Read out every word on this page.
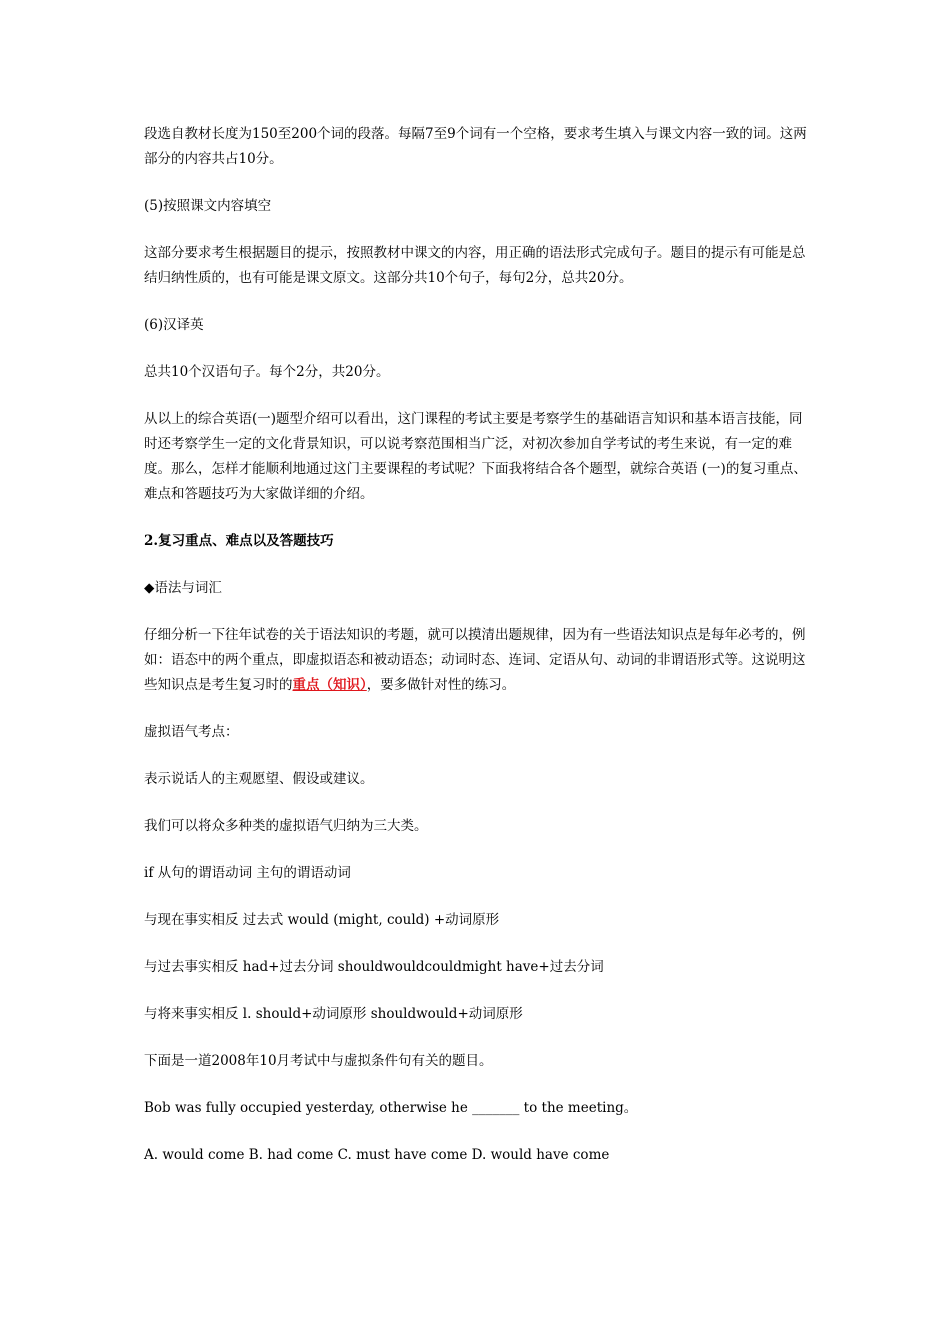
段选自教材长度为150至200个词的段落。每隔7至9个词有一个空格，要求考生填入与课文内容一致的词。这两部分的内容共占10分。

(5)按照课文内容填空

这部分要求考生根据题目的提示，按照教材中课文的内容，用正确的语法形式完成句子。题目的提示有可能是总结归纳性质的，也有可能是课文原文。这部分共10个句子，每句2分，总共20分。

(6)汉译英

总共10个汉语句子。每个2分，共20分。

从以上的综合英语(一)题型介绍可以看出，这门课程的考试主要是考察学生的基础语言知识和基本语言技能，同时还考察学生一定的文化背景知识，可以说考察范围相当广泛，对初次参加自学考试的考生来说，有一定的难度。那么，怎样才能顺利地通过这门主要课程的考试呢？下面我将结合各个题型，就综合英语 (一)的复习重点、难点和答题技巧为大家做详细的介绍。

2.复习重点、难点以及答题技巧

◆语法与词汇

仔细分析一下往年试卷的关于语法知识的考题，就可以摸清出题规律，因为有一些语法知识点是每年必考的，例如：语态中的两个重点，即虚拟语态和被动语态；动词时态、连词、定语从句、动词的非谓语形式等。这说明这些知识点是考生复习时的重点（知识），要多做针对性的练习。

虚拟语气考点：

表示说话人的主观愿望、假设或建议。

我们可以将众多种类的虚拟语气归纳为三大类。

if 从句的谓语动词 主句的谓语动词

与现在事实相反 过去式 would (might, could) +动词原形

与过去事实相反 had+过去分词 shouldwouldcouldmight have+过去分词

与将来事实相反 l. should+动词原形 shouldwould+动词原形

下面是一道2008年10月考试中与虚拟条件句有关的题目。

Bob was fully occupied yesterday, otherwise he _______ to the meeting。

A. would come B. had come C. must have come D. would have come
